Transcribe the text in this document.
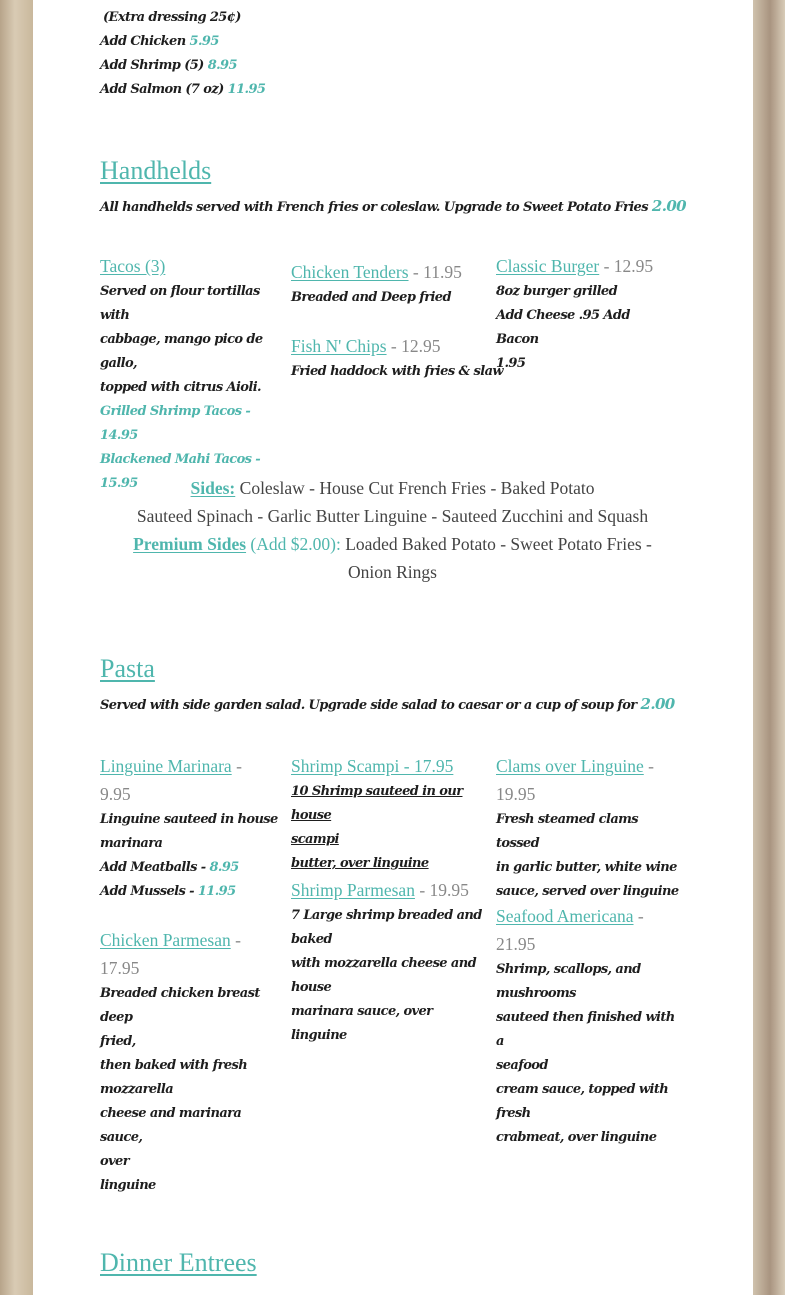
(Extra dressing 25¢)
Add Chicken 5.95
Add Shrimp (5) 8.95
Add Salmon (7 oz) 11.95
Handhelds
All handhelds served with French fries or coleslaw. Upgrade to Sweet Potato Fries 2.00
Tacos (3)
Served on flour tortillas with
cabbage, mango pico de
gallo,
topped with citrus Aioli.
Grilled Shrimp Tacos - 14.95
Blackened Mahi Tacos - 15.95
Chicken Tenders - 11.95
Breaded and Deep fried
Fish N' Chips - 12.95
Fried haddock with fries & slaw
Classic Burger - 12.95
8oz burger grilled
Add Cheese .95 Add Bacon
1.95
Sides: Coleslaw - House Cut French Fries - Baked Potato
Sauteed Spinach - Garlic Butter Linguine - Sauteed Zucchini and Squash
Premium Sides (Add $2.00): Loaded Baked Potato - Sweet Potato Fries -
Onion Rings
Pasta
Served with side garden salad. Upgrade side salad to caesar or a cup of soup for 2.00
Linguine Marinara -
9.95
Linguine sauteed in house
marinara
Add Meatballs - 8.95
Add Mussels - 11.95
Chicken Parmesan -
17.95
Breaded chicken breast deep
fried,
then baked with fresh
mozzarella
cheese and marinara sauce,
over
linguine
Shrimp Scampi - 17.95
10 Shrimp sauteed in our house
scampi
butter, over linguine
Shrimp Parmesan - 19.95
7 Large shrimp breaded and
baked
with mozzarella cheese and
house
marinara sauce, over linguine
Clams over Linguine -
19.95
Fresh steamed clams tossed
in garlic butter, white wine
sauce, served over linguine
Seafood Americana -
21.95
Shrimp, scallops, and
mushrooms
sauteed then finished with a
seafood
cream sauce, topped with fresh
crabmeat, over linguine
Dinner Entrees
